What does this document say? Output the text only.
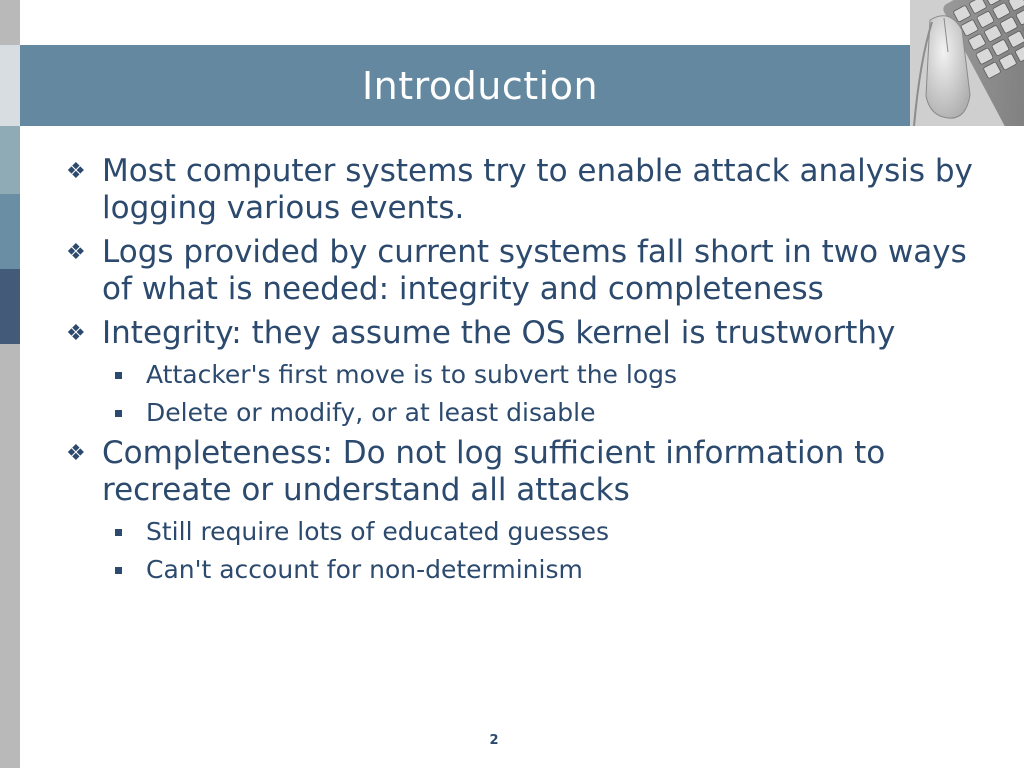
Introduction
❖ Most computer systems try to enable attack analysis by logging various events.
❖ Logs provided by current systems fall short in two ways of what is needed: integrity and completeness
❖ Integrity: they assume the OS kernel is trustworthy
Attacker's first move is to subvert the logs
Delete or modify, or at least disable
❖ Completeness: Do not log sufficient information to recreate or understand all attacks
Still require lots of educated guesses
Can't account for non-determinism
2
